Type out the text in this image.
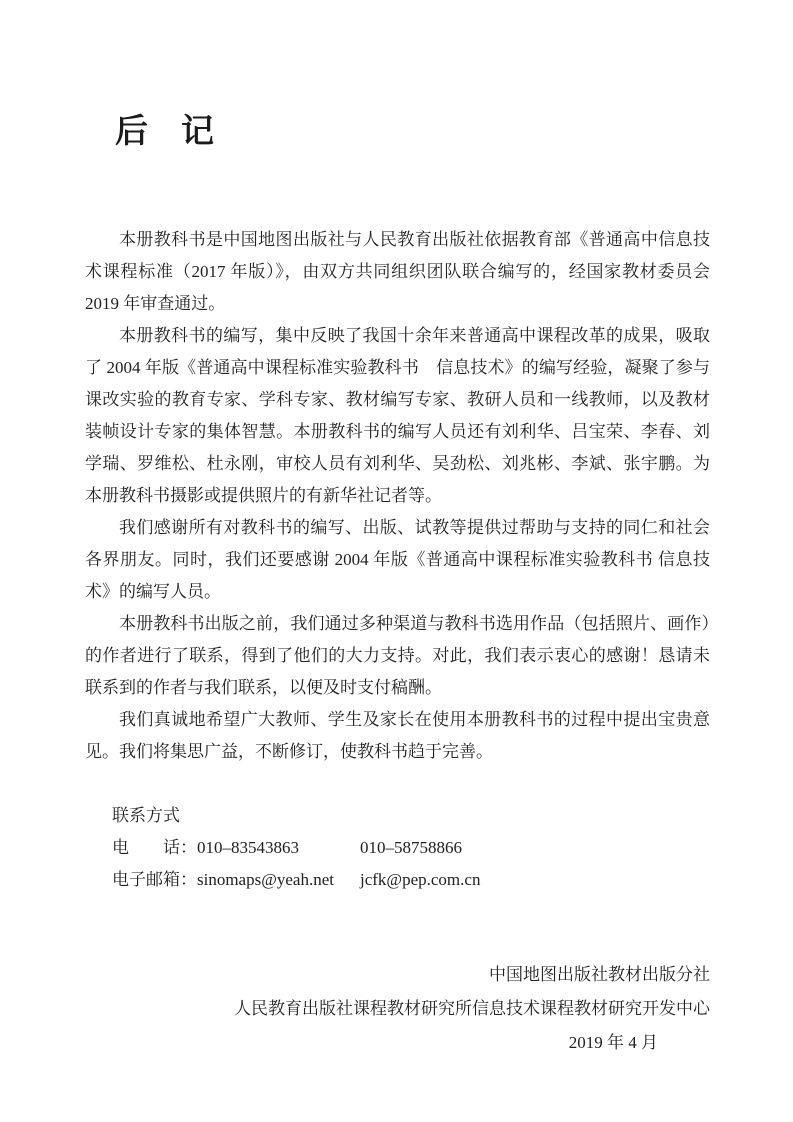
后　记

本册教科书是中国地图出版社与人民教育出版社依据教育部《普通高中信息技术课程标准（2017 年版）》，由双方共同组织团队联合编写的，经国家教材委员会 2019 年审查通过。

本册教科书的编写，集中反映了我国十余年来普通高中课程改革的成果，吸取了 2004 年版《普通高中课程标准实验教科书　信息技术》的编写经验，凝聚了参与课改实验的教育专家、学科专家、教材编写专家、教研人员和一线教师，以及教材装帧设计专家的集体智慧。本册教科书的编写人员还有刘利华、吕宝荣、李春、刘学瑞、罗维松、杜永刚，审校人员有刘利华、吴劲松、刘兆彬、李斌、张宇鹏。为本册教科书摄影或提供照片的有新华社记者等。

我们感谢所有对教科书的编写、出版、试教等提供过帮助与支持的同仁和社会各界朋友。同时，我们还要感谢 2004 年版《普通高中课程标准实验教科书 信息技术》的编写人员。

本册教科书出版之前，我们通过多种渠道与教科书选用作品（包括照片、画作）的作者进行了联系，得到了他们的大力支持。对此，我们表示衷心的感谢！恳请未联系到的作者与我们联系，以便及时支付稿酬。

我们真诚地希望广大教师、学生及家长在使用本册教科书的过程中提出宝贵意见。我们将集思广益，不断修订，使教科书趋于完善。

联系方式

电　　话：010–83543863	010–58758866

电子邮箱：sinomaps@yeah.net jcfk@pep.com.cn

中国地图出版社教材出版分社

人民教育出版社课程教材研究所信息技术课程教材研究开发中心

2019 年 4 月
